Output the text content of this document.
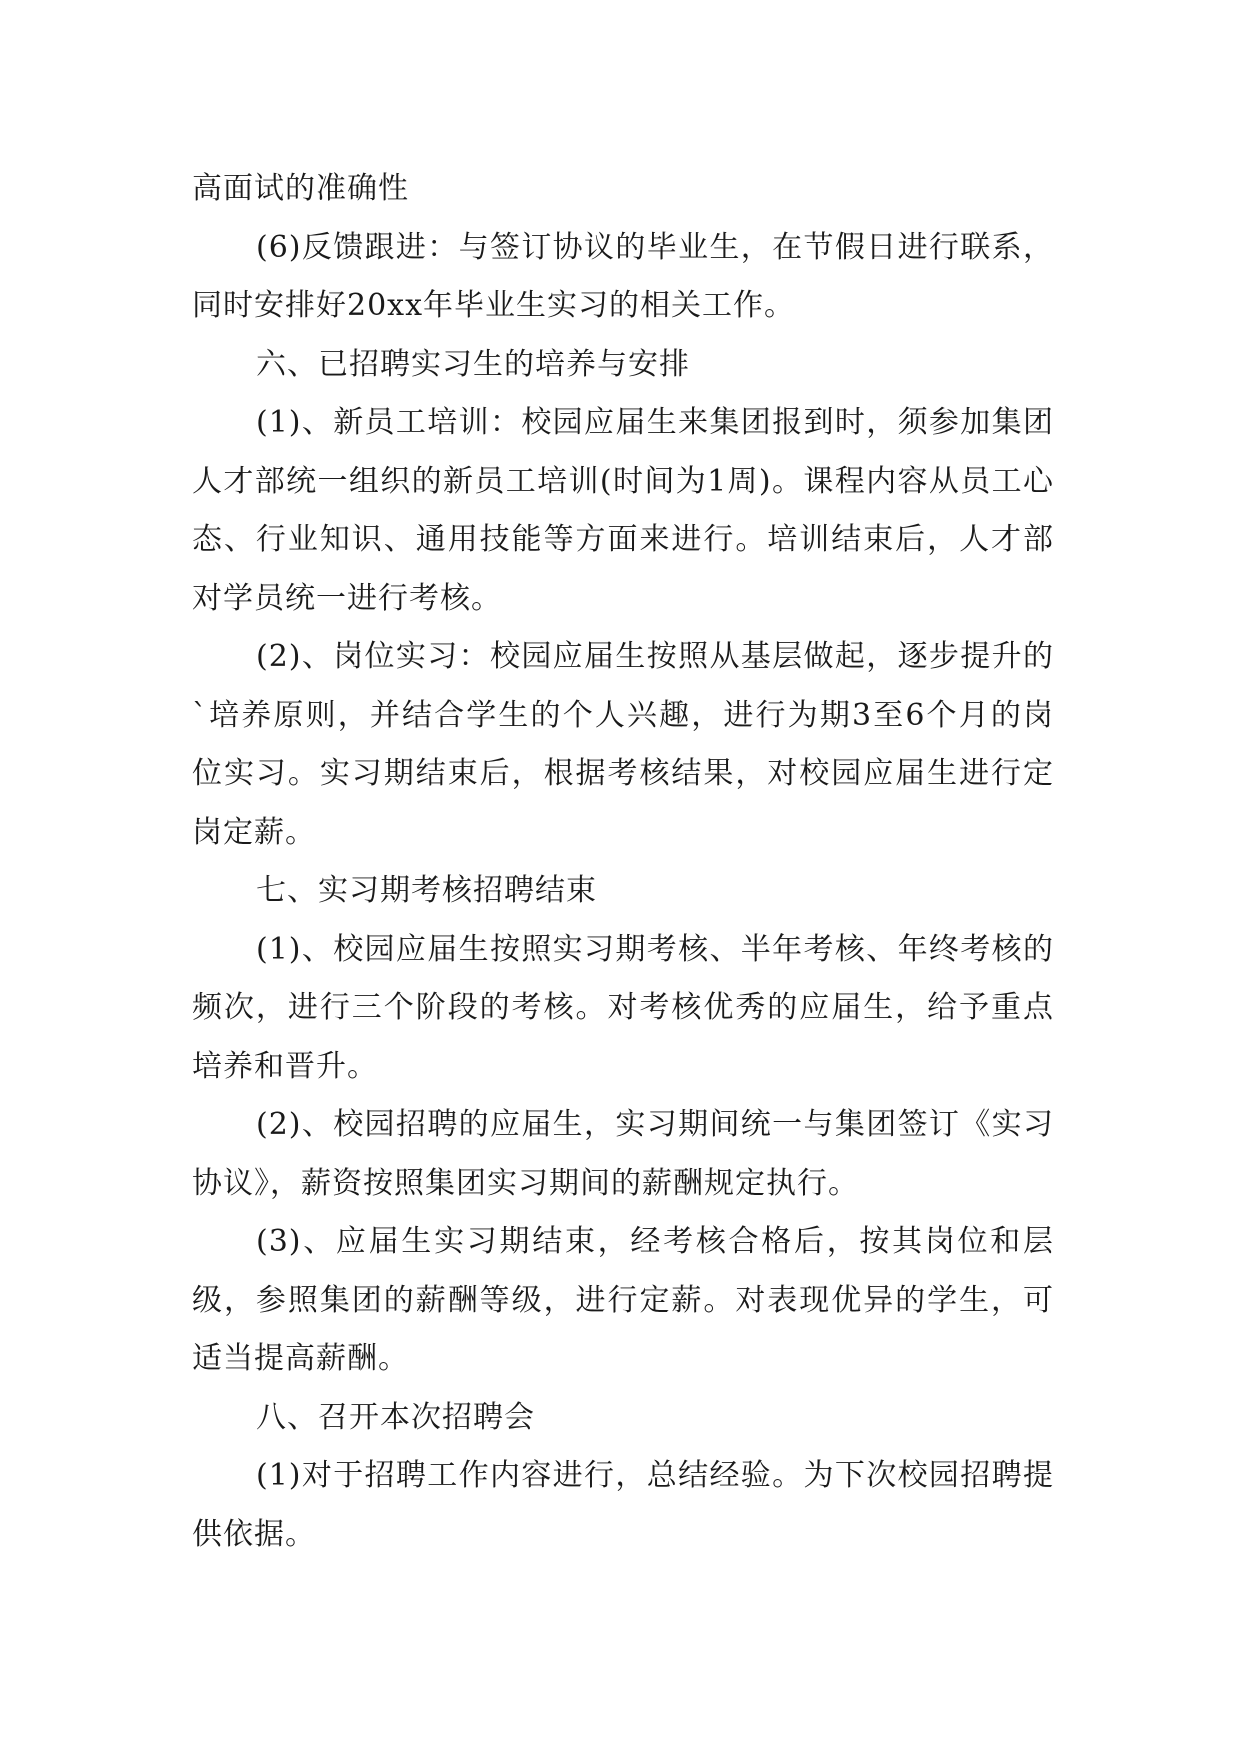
高面试的准确性

(6)反馈跟进：与签订协议的毕业生，在节假日进行联系，同时安排好20xx年毕业生实习的相关工作。

六、已招聘实习生的培养与安排

(1)、新员工培训：校园应届生来集团报到时，须参加集团人才部统一组织的新员工培训(时间为1周)。课程内容从员工心态、行业知识、通用技能等方面来进行。培训结束后，人才部对学员统一进行考核。

(2)、岗位实习：校园应届生按照从基层做起，逐步提升的`培养原则，并结合学生的个人兴趣，进行为期3至6个月的岗位实习。实习期结束后，根据考核结果，对校园应届生进行定岗定薪。

七、实习期考核招聘结束

(1)、校园应届生按照实习期考核、半年考核、年终考核的频次，进行三个阶段的考核。对考核优秀的应届生，给予重点培养和晋升。

(2)、校园招聘的应届生，实习期间统一与集团签订《实习协议》，薪资按照集团实习期间的薪酬规定执行。

(3)、应届生实习期结束，经考核合格后，按其岗位和层级，参照集团的薪酬等级，进行定薪。对表现优异的学生，可适当提高薪酬。

八、召开本次招聘会

(1)对于招聘工作内容进行，总结经验。为下次校园招聘提供依据。
